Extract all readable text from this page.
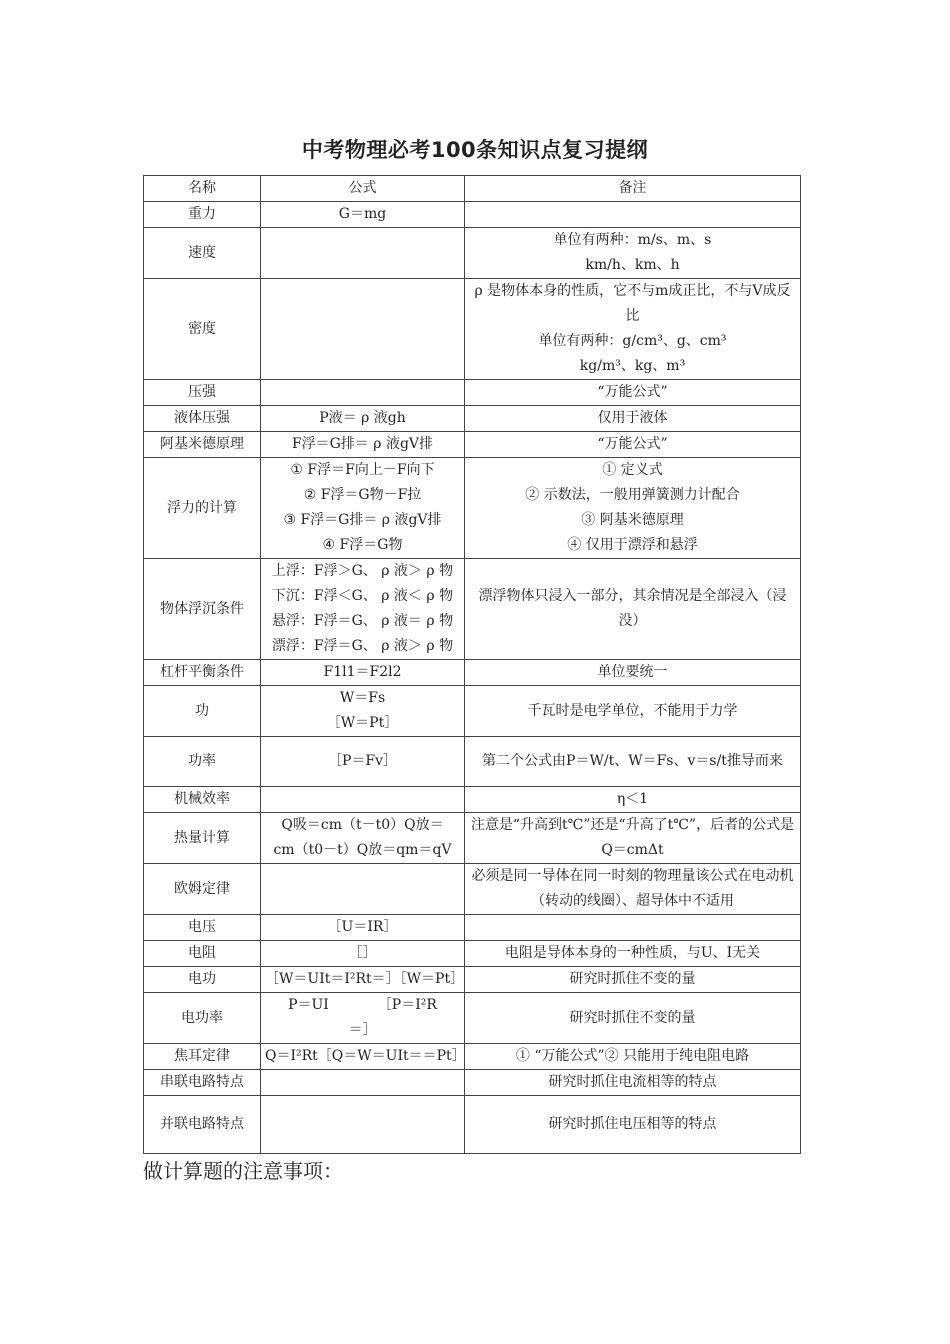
中考物理必考100条知识点复习提纲
名称	公式	备注
重力	G＝mg	

速度		单位有两种：m/s、m、s
km/h、km、h

密度		ρ 是物体本身的性质，它不与m成正比，不与V成反比
单位有两种：g/cm³、g、cm³
kg/m³、kg、m³

压强		“万能公式”

液体压强	P液＝ ρ 液gh	仅用于液体

阿基米德原理	F浮＝G排＝ ρ 液gV排	“万能公式”

浮力的计算	① F浮＝F向上－F向下
② F浮＝G物－F拉
③ F浮＝G排＝ ρ 液gV排
④ F浮＝G物	① 定义式
② 示数法，一般用弹簧测力计配合
③ 阿基米德原理
④ 仅用于漂浮和悬浮

物体浮沉条件	上浮：F浮＞G、 ρ 液＞ ρ 物
下沉：F浮＜G、 ρ 液＜ ρ 物
悬浮：F浮＝G、 ρ 液＝ ρ 物
漂浮：F浮＝G、 ρ 液＞ ρ 物	漂浮物体只浸入一部分，其余情况是全部浸入（浸没）

杠杆平衡条件	F1l1＝F2l2	单位要统一

功	W＝Fs
［W＝Pt］	千瓦时是电学单位，不能用于力学

功率	［P＝Fv］	第二个公式由P＝W/t、W＝Fs、v＝s/t推导而来

机械效率		η＜1

热量计算	Q吸＝cm（t－t0）Q放＝
cm（t0－t）Q放＝qm＝qV	注意是“升高到t℃”还是“升高了t℃”，后者的公式是Q＝cmΔt

欧姆定律		必须是同一导体在同一时刻的物理量该公式在电动机（转动的线圈）、超导体中不适用

电压	［U＝IR］	

电阻	［］	电阻是导体本身的一种性质，与U、I无关

电功	［W＝UIt＝I²Rt＝］［W＝Pt］	研究时抓住不变的量

电功率	P＝UI　　　　［P＝I²R
＝］	研究时抓住不变的量

焦耳定律	Q＝I²Rt［Q＝W＝UIt＝＝Pt］	① “万能公式”② 只能用于纯电阻电路

串联电路特点		研究时抓住电流相等的特点

并联电路特点		研究时抓住电压相等的特点
做计算题的注意事项：
